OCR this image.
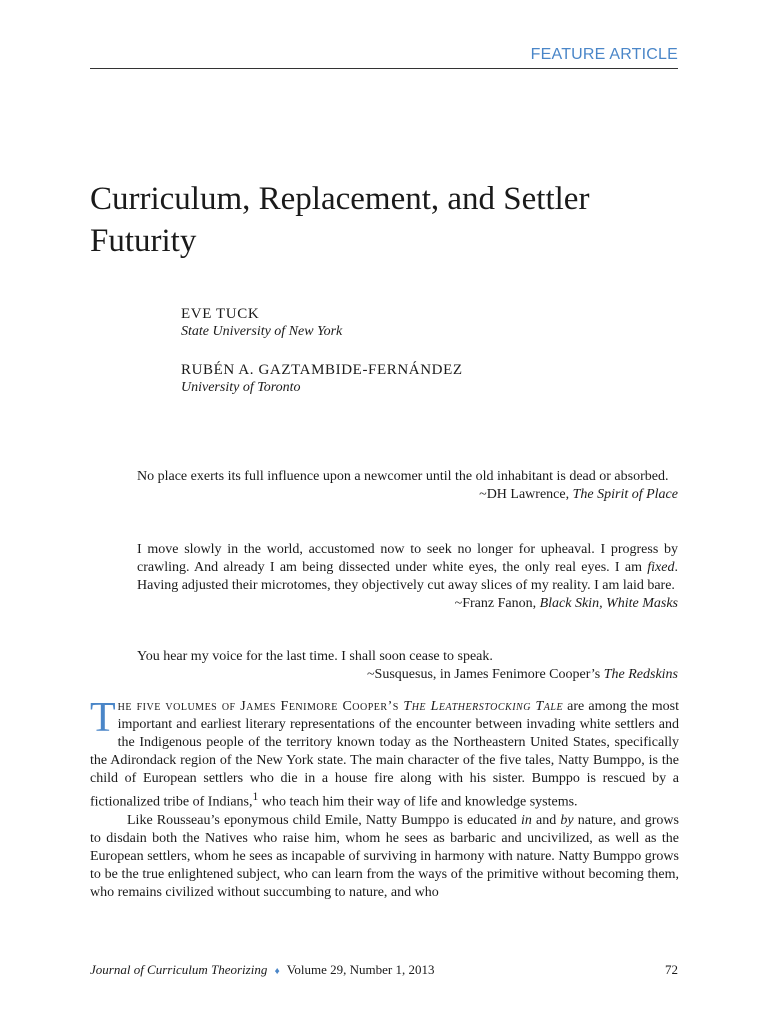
FEATURE ARTICLE
Curriculum, Replacement, and Settler Futurity
EVE TUCK
State University of New York
RUBÉN A. GAZTAMBIDE-FERNÁNDEZ
University of Toronto
No place exerts its full influence upon a newcomer until the old inhabitant is dead or absorbed.
~DH Lawrence, The Spirit of Place
I move slowly in the world, accustomed now to seek no longer for upheaval. I progress by crawling. And already I am being dissected under white eyes, the only real eyes. I am fixed. Having adjusted their microtomes, they objectively cut away slices of my reality. I am laid bare.
~Franz Fanon, Black Skin, White Masks
You hear my voice for the last time. I shall soon cease to speak.
~Susquesus, in James Fenimore Cooper’s The Redskins

The five volumes of James Fenimore Cooper’s The Leatherstocking Tale are among the most important and earliest literary representations of the encounter between invading white settlers and the Indigenous people of the territory known today as the Northeastern United States, specifically the Adirondack region of the New York state. The main character of the five tales, Natty Bumppo, is the child of European settlers who die in a house fire along with his sister. Bumppo is rescued by a fictionalized tribe of Indians,$^1$ who teach him their way of life and knowledge systems.

Like Rousseau’s eponymous child Emile, Natty Bumppo is educated in and by nature, and grows to disdain both the Natives who raise him, whom he sees as barbaric and uncivilized, as well as the European settlers, whom he sees as incapable of surviving in harmony with nature. Natty Bumppo grows to be the true enlightened subject, who can learn from the ways of the primitive without becoming them, who remains civilized without succumbing to nature, and who

Journal of Curriculum Theorizing ♦ Volume 29, Number 1, 2013	72
